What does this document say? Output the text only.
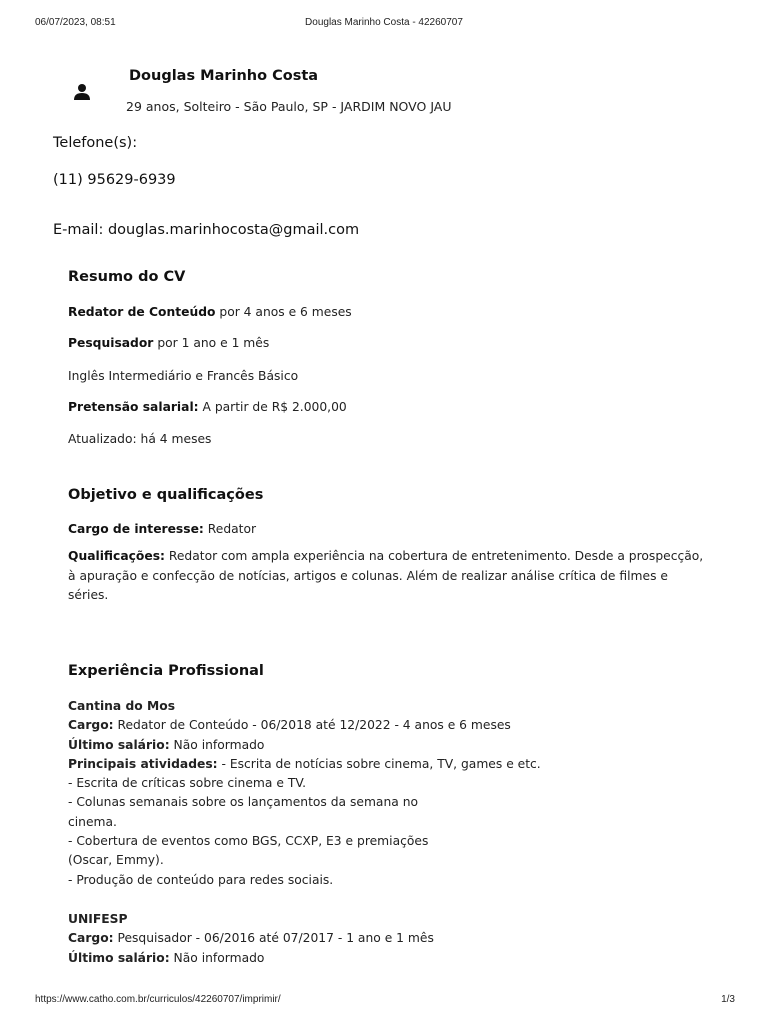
06/07/2023, 08:51	Douglas Marinho Costa - 42260707
Douglas Marinho Costa
29 anos, Solteiro - São Paulo, SP - JARDIM NOVO JAU
Telefone(s):
(11) 95629-6939
E-mail: douglas.marinhocosta@gmail.com
Resumo do CV
Redator de Conteúdo por 4 anos e 6 meses
Pesquisador por 1 ano e 1 mês
Inglês Intermediário e Francês Básico
Pretensão salarial: A partir de R$ 2.000,00
Atualizado: há 4 meses
Objetivo e qualificações
Cargo de interesse: Redator
Qualificações: Redator com ampla experiência na cobertura de entretenimento. Desde a prospecção,
à apuração e confecção de notícias, artigos e colunas. Além de realizar análise crítica de filmes e
séries.
Experiência Profissional
Cantina do Mos
Cargo: Redator de Conteúdo - 06/2018 até 12/2022 - 4 anos e 6 meses
Último salário: Não informado
Principais atividades: - Escrita de notícias sobre cinema, TV, games e etc.
- Escrita de críticas sobre cinema e TV.
- Colunas semanais sobre os lançamentos da semana no
cinema.
- Cobertura de eventos como BGS, CCXP, E3 e premiações
(Oscar, Emmy).
- Produção de conteúdo para redes sociais.
UNIFESP
Cargo: Pesquisador - 06/2016 até 07/2017 - 1 ano e 1 mês
Último salário: Não informado
https://www.catho.com.br/curriculos/42260707/imprimir/	1/3
